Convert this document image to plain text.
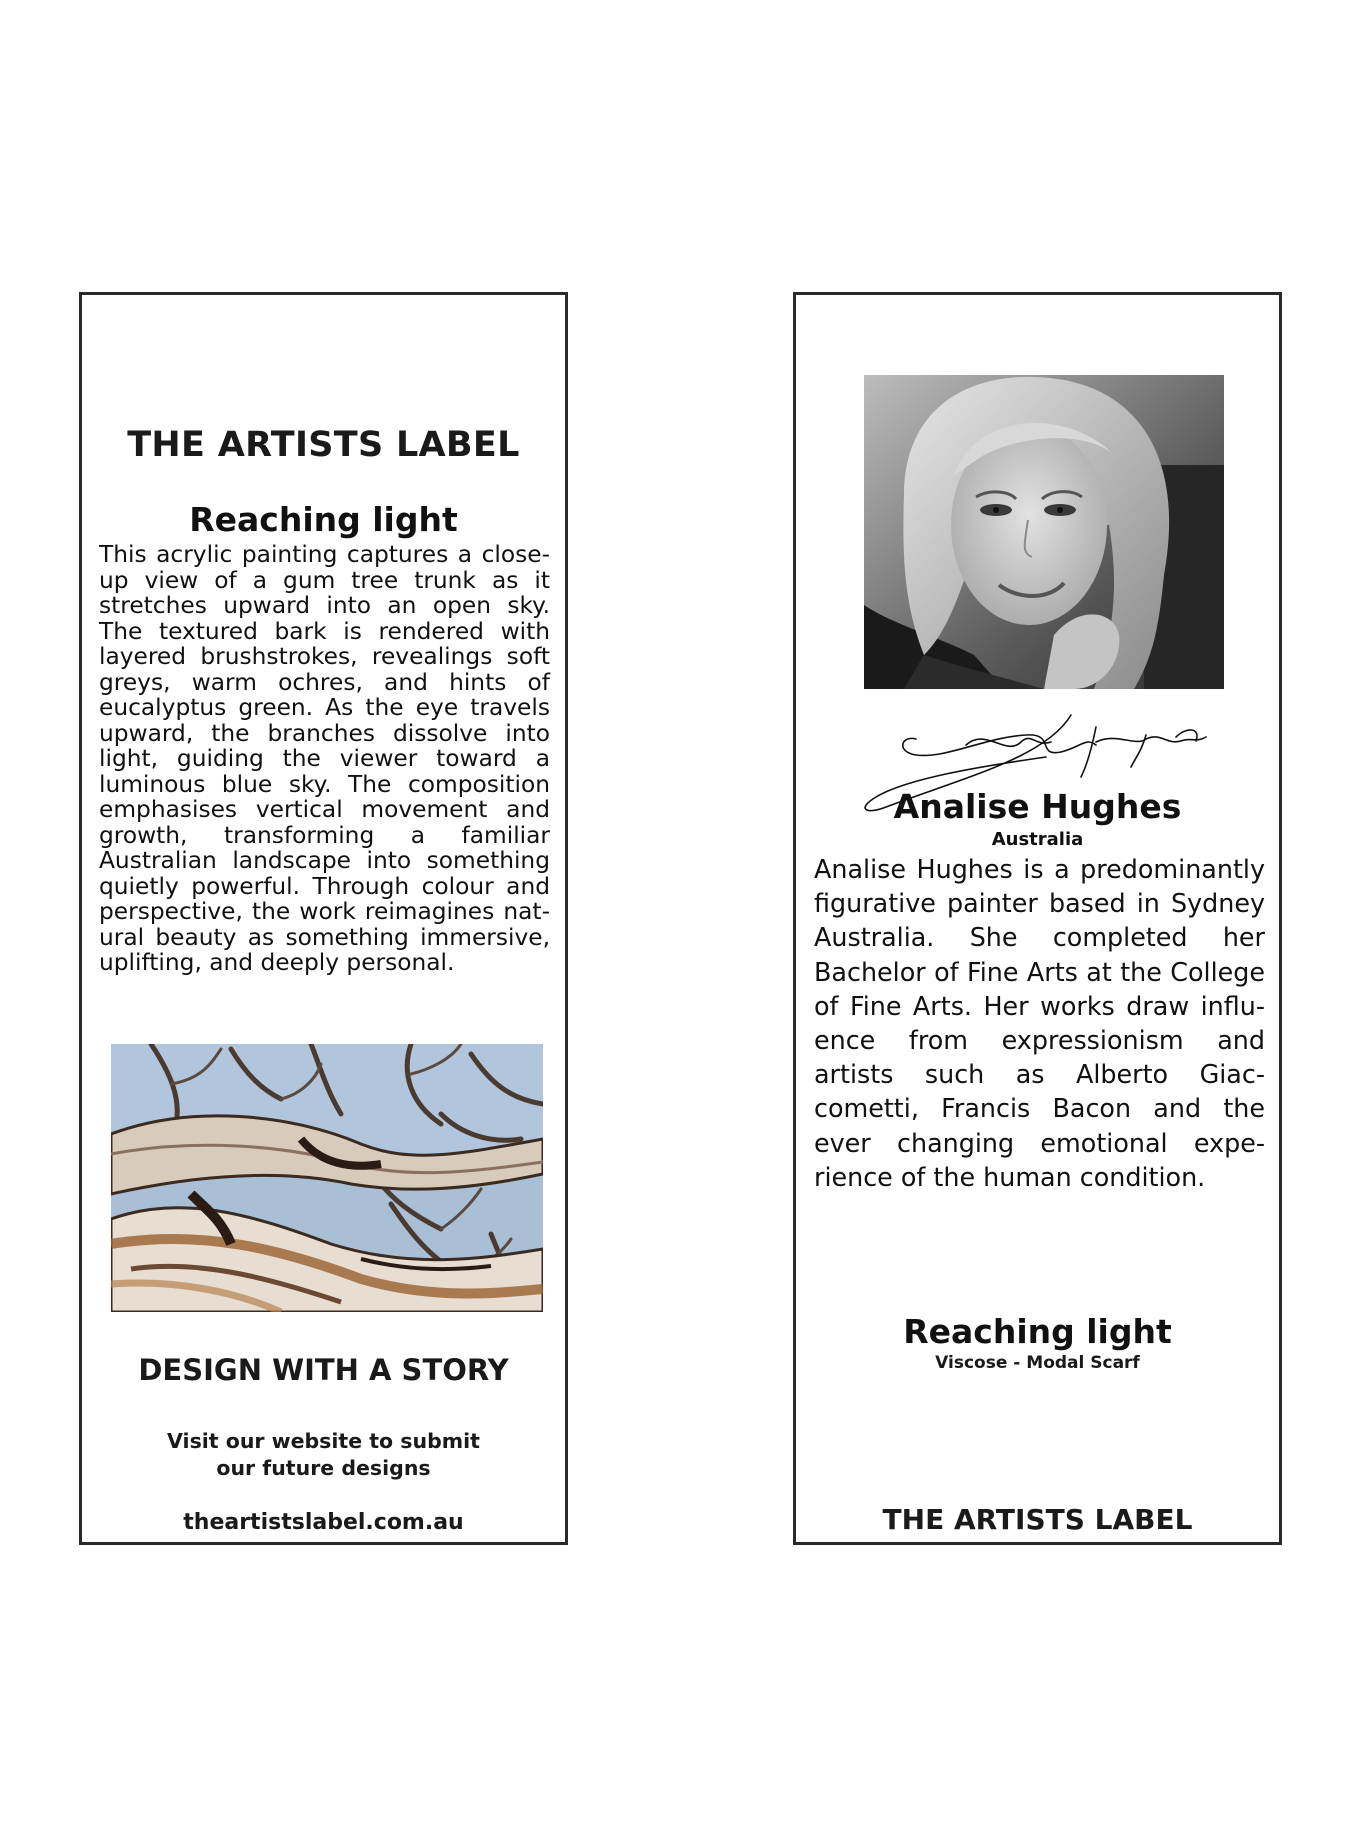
THE ARTISTS LABEL
Reaching light

This acrylic painting captures a close-up view of a gum tree trunk as it stretches upward into an open sky. The textured bark is rendered with layered brushstrokes, revealings soft greys, warm ochres, and hints of eucalyptus green. As the eye travels upward, the branches dissolve into light, guiding the viewer toward a luminous blue sky. The composition emphasises vertical movement and growth, transforming a familiar Australian landscape into something quietly powerful. Through colour and perspective, the work reimagines natural beauty as something immersive, uplifting, and deeply personal.

DESIGN WITH A STORY
Visit our website to submit
our future designs
theartistslabel.com.au
Analise Hughes
Australia

Analise Hughes is a predominantly figurative painter based in Sydney Australia. She completed her Bachelor of Fine Arts at the College of Fine Arts. Her works draw influence from expressionism and artists such as Alberto Giaccometti, Francis Bacon and the ever changing emotional experience of the human condition.

Reaching light
Viscose - Modal Scarf
THE ARTISTS LABEL
